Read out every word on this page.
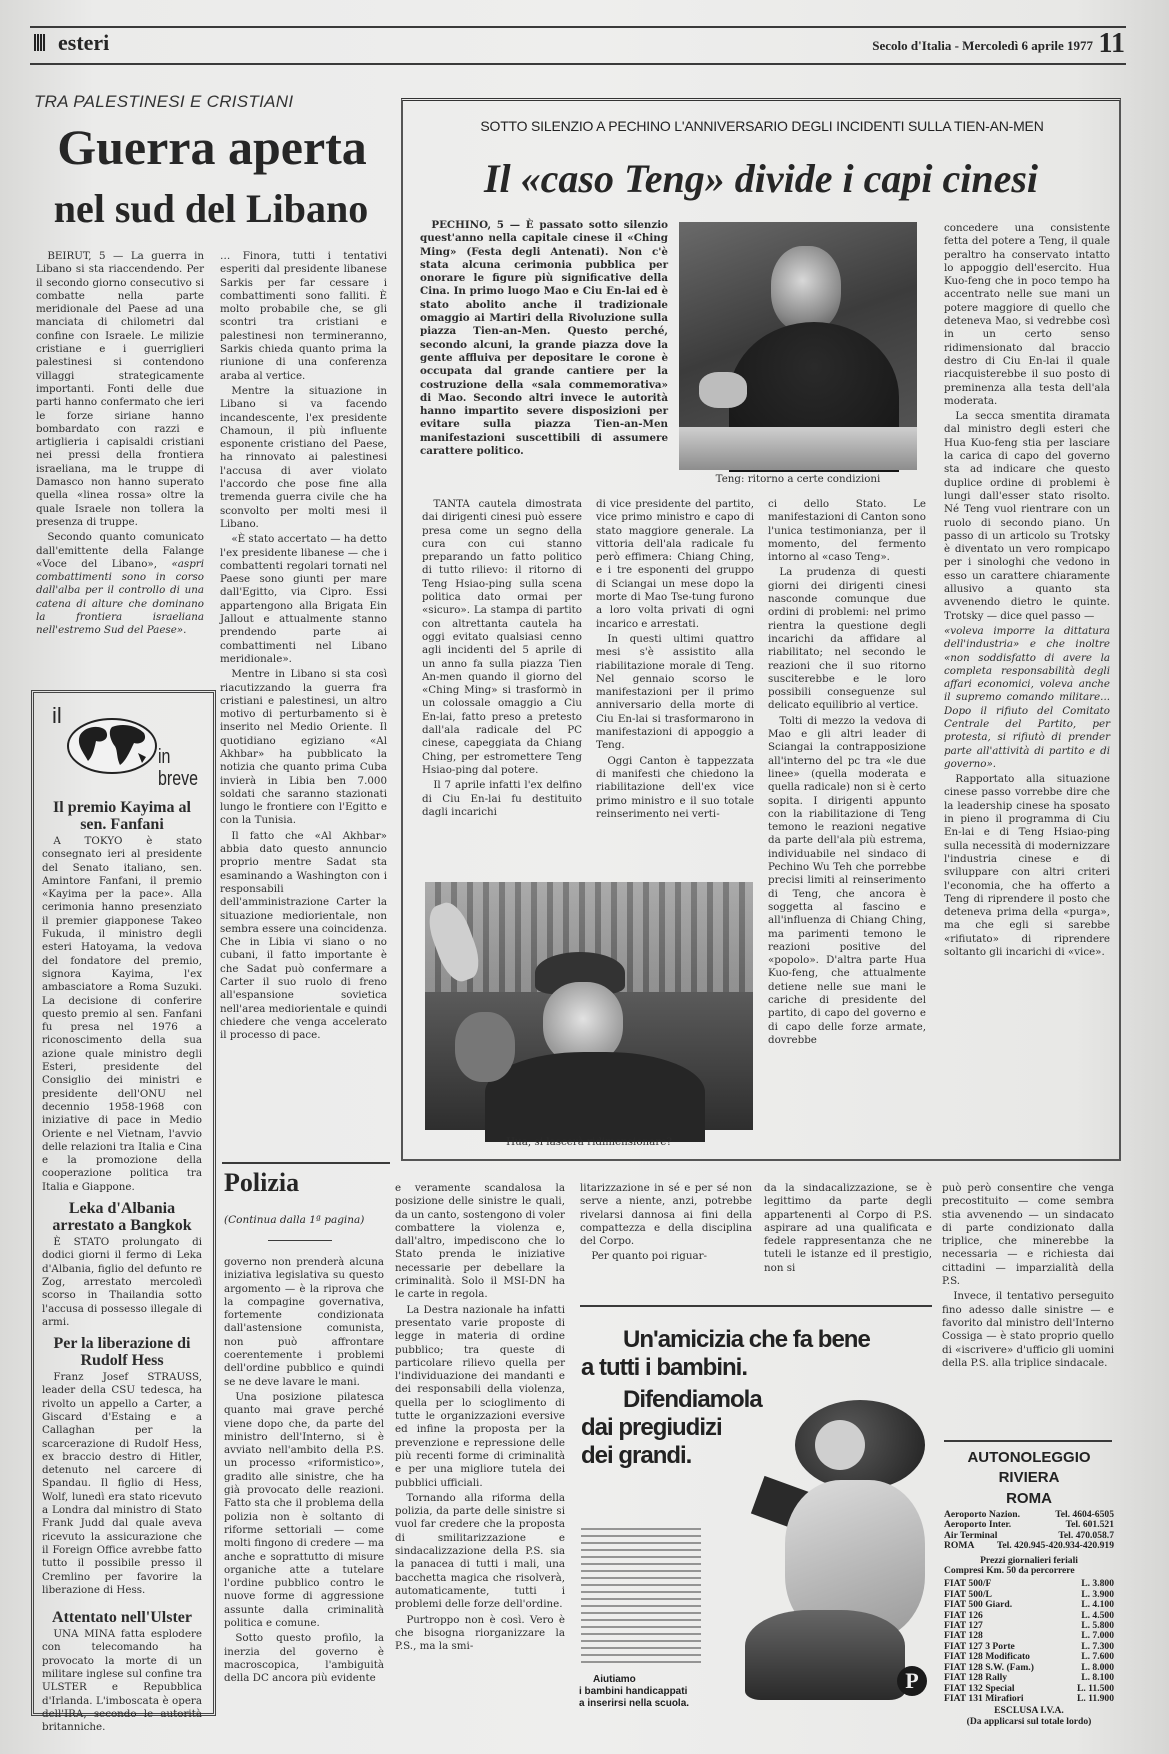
esteri	Secolo d'Italia - Mercoledì 6 aprile 1977 11
TRA PALESTINESI E CRISTIANI
Guerra aperta
nel sud del Libano

BEIRUT, 5 — La guerra in Libano si sta riaccendendo. Per il secondo giorno consecutivo si combatte nella parte meridionale del Paese ad una manciata di chilometri dal confine con Israele. Le milizie cristiane e i guerriglieri palestinesi si contendono villaggi strategicamente importanti. Fonti delle due parti hanno confermato che ieri le forze siriane hanno bombardato con razzi e artiglieria i capisaldi cristiani nei pressi della frontiera israeliana, ma le truppe di Damasco non hanno superato quella «linea rossa» oltre la quale Israele non tollera la presenza di truppe.

Secondo quanto comunicato dall'emittente della Falange «Voce del Libano», «aspri combattimenti sono in corso dall'alba per il controllo di una catena di alture che dominano la frontiera israeliana nell'estremo Sud del Paese».

… Finora, tutti i tentativi esperiti dal presidente libanese Sarkis per far cessare i combattimenti sono falliti. È molto probabile che, se gli scontri tra cristiani e palestinesi non termineranno, Sarkis chieda quanto prima la riunione di una conferenza araba al vertice.

Mentre la situazione in Libano si va facendo incandescente, l'ex presidente Chamoun, il più influente esponente cristiano del Paese, ha rinnovato ai palestinesi l'accusa di aver violato l'accordo che pose fine alla tremenda guerra civile che ha sconvolto per molti mesi il Libano.

«È stato accertato — ha detto l'ex presidente libanese — che i combattenti regolari tornati nel Paese sono giunti per mare dall'Egitto, via Cipro. Essi appartengono alla Brigata Ein Jallout e attualmente stanno prendendo parte ai combattimenti nel Libano meridionale».

Mentre in Libano si sta così riacutizzando la guerra fra cristiani e palestinesi, un altro motivo di perturbamento si è inserito nel Medio Oriente. Il quotidiano egiziano «Al Akhbar» ha pubblicato la notizia che quanto prima Cuba invierà in Libia ben 7.000 soldati che saranno stazionati lungo le frontiere con l'Egitto e con la Tunisia.

Il fatto che «Al Akhbar» abbia dato questo annuncio proprio mentre Sadat sta esaminando a Washington con i responsabili dell'amministrazione Carter la situazione mediorientale, non sembra essere una coincidenza. Che in Libia vi siano o no cubani, il fatto importante è che Sadat può confermare a Carter il suo ruolo di freno all'espansione sovietica nell'area mediorientale e quindi chiedere che venga accelerato il processo di pace.

il
in
breve
Il premio Kayima al sen. Fanfani

A TOKYO è stato consegnato ieri al presidente del Senato italiano, sen. Amintore Fanfani, il premio «Kayima per la pace». Alla cerimonia hanno presenziato il premier giapponese Takeo Fukuda, il ministro degli esteri Hatoyama, la vedova del fondatore del premio, signora Kayima, l'ex ambasciatore a Roma Suzuki. La decisione di conferire questo premio al sen. Fanfani fu presa nel 1976 a riconoscimento della sua azione quale ministro degli Esteri, presidente del Consiglio dei ministri e presidente dell'ONU nel decennio 1958-1968 con iniziative di pace in Medio Oriente e nel Vietnam, l'avvio delle relazioni tra Italia e Cina e la promozione della cooperazione politica tra Italia e Giappone.

Leka d'Albania arrestato a Bangkok

È STATO prolungato di dodici giorni il fermo di Leka d'Albania, figlio del defunto re Zog, arrestato mercoledì scorso in Thailandia sotto l'accusa di possesso illegale di armi.

Per la liberazione di Rudolf Hess

Franz Josef STRAUSS, leader della CSU tedesca, ha rivolto un appello a Carter, a Giscard d'Estaing e a Callaghan per la scarcerazione di Rudolf Hess, ex braccio destro di Hitler, detenuto nel carcere di Spandau. Il figlio di Hess, Wolf, lunedì era stato ricevuto a Londra dal ministro di Stato Frank Judd dal quale aveva ricevuto la assicurazione che il Foreign Office avrebbe fatto tutto il possibile presso il Cremlino per favorire la liberazione di Hess.

Attentato nell'Ulster

UNA MINA fatta esplodere con telecomando ha provocato la morte di un militare inglese sul confine tra ULSTER e Repubblica d'Irlanda. L'imboscata è opera dell'IRA, secondo le autorità britanniche.

SOTTO SILENZIO A PECHINO L'ANNIVERSARIO DEGLI INCIDENTI SULLA TIEN-AN-MEN
Il «caso Teng» divide i capi cinesi

PECHINO, 5 — È passato sotto silenzio quest'anno nella capitale cinese il «Ching Ming» (Festa degli Antenati). Non c'è stata alcuna cerimonia pubblica per onorare le figure più significative della Cina. In primo luogo Mao e Ciu En-lai ed è stato abolito anche il tradizionale omaggio ai Martiri della Rivoluzione sulla piazza Tien-an-Men. Questo perché, secondo alcuni, la grande piazza dove la gente affluiva per depositare le corone è occupata dal grande cantiere per la costruzione della «sala commemorativa» di Mao. Secondo altri invece le autorità hanno impartito severe disposizioni per evitare sulla piazza Tien-an-Men manifestazioni suscettibili di assumere carattere politico.

Teng: ritorno a certe condizioni

TANTA cautela dimostrata dai dirigenti cinesi può essere presa come un segno della cura con cui stanno preparando un fatto politico di tutto rilievo: il ritorno di Teng Hsiao-ping sulla scena politica dato ormai per «sicuro». La stampa di partito con altrettanta cautela ha oggi evitato qualsiasi cenno agli incidenti del 5 aprile di un anno fa sulla piazza Tien An-men quando il giorno del «Ching Ming» si trasformò in un colossale omaggio a Ciu En-lai, fatto preso a pretesto dall'ala radicale del PC cinese, capeggiata da Chiang Ching, per estromettere Teng Hsiao-ping dal potere.

Il 7 aprile infatti l'ex delfino di Ciu En-lai fu destituito dagli incarichi

di vice presidente del partito, vice primo ministro e capo di stato maggiore generale. La vittoria dell'ala radicale fu però effimera: Chiang Ching, e i tre esponenti del gruppo di Sciangai un mese dopo la morte di Mao Tse-tung furono a loro volta privati di ogni incarico e arrestati.

In questi ultimi quattro mesi s'è assistito alla riabilitazione morale di Teng. Nel gennaio scorso le manifestazioni per il primo anniversario della morte di Ciu En-lai si trasformarono in manifestazioni di appoggio a Teng.

Oggi Canton è tappezzata di manifesti che chiedono la riabilitazione dell'ex vice primo ministro e il suo totale reinserimento nei verti-

ci dello Stato. Le manifestazioni di Canton sono l'unica testimonianza, per il momento, del fermento intorno al «caso Teng».

La prudenza di questi giorni dei dirigenti cinesi nasconde comunque due ordini di problemi: nel primo rientra la questione degli incarichi da affidare al riabilitato; nel secondo le reazioni che il suo ritorno susciterebbe e le loro possibili conseguenze sul delicato equilibrio al vertice.

Tolti di mezzo la vedova di Mao e gli altri leader di Sciangai la contrapposizione all'interno del pc tra «le due linee» (quella moderata e quella radicale) non si è certo sopita. I dirigenti appunto con la riabilitazione di Teng temono le reazioni negative da parte dell'ala più estrema, individuabile nel sindaco di Pechino Wu Teh che porrebbe precisi limiti al reinserimento di Teng, che ancora è soggetta al fascino e all'influenza di Chiang Ching, ma parimenti temono le reazioni positive del «popolo». D'altra parte Hua Kuo-feng, che attualmente detiene nelle sue mani le cariche di presidente del partito, di capo del governo e di capo delle forze armate, dovrebbe

concedere una consistente fetta del potere a Teng, il quale peraltro ha conservato intatto lo appoggio dell'esercito. Hua Kuo-feng che in poco tempo ha accentrato nelle sue mani un potere maggiore di quello che deteneva Mao, si vedrebbe così in un certo senso ridimensionato dal braccio destro di Ciu En-lai il quale riacquisterebbe il suo posto di preminenza alla testa dell'ala moderata.

La secca smentita diramata dal ministro degli esteri che Hua Kuo-feng stia per lasciare la carica di capo del governo sta ad indicare che questo duplice ordine di problemi è lungi dall'esser stato risolto. Né Teng vuol rientrare con un ruolo di secondo piano. Un passo di un articolo su Trotsky è diventato un vero rompicapo per i sinologhi che vedono in esso un carattere chiaramente allusivo a quanto sta avvenendo dietro le quinte. Trotsky — dice quel passo —

«voleva imporre la dittatura dell'industria» e che inoltre «non soddisfatto di avere la completa responsabilità degli affari economici, voleva anche il supremo comando militare... Dopo il rifiuto del Comitato Centrale del Partito, per protesta, si rifiutò di prender parte all'attività di partito e di governo».

Rapportato alla situazione cinese passo vorrebbe dire che la leadership cinese ha sposato in pieno il programma di Ciu En-lai e di Teng Hsiao-ping sulla necessità di modernizzare l'industria cinese e di sviluppare con altri criteri l'economia, che ha offerto a Teng di riprendere il posto che deteneva prima della «purga», ma che egli si sarebbe «rifiutato» di riprendere soltanto gli incarichi di «vice».

Hua, si lascerà ridimensionare?
Polizia
(Continua dalla 1ª pagina)

governo non prenderà alcuna iniziativa legislativa su questo argomento — è la riprova che la compagine governativa, fortemente condizionata dall'astensione comunista, non può affrontare coerentemente i problemi dell'ordine pubblico e quindi se ne deve lavare le mani.

Una posizione pilatesca quanto mai grave perché viene dopo che, da parte del ministro dell'Interno, si è avviato nell'ambito della P.S. un processo «riformistico», gradito alle sinistre, che ha già provocato delle reazioni. Fatto sta che il problema della polizia non è soltanto di riforme settoriali — come molti fingono di credere — ma anche e soprattutto di misure organiche atte a tutelare l'ordine pubblico contro le nuove forme di aggressione assunte dalla criminalità politica e comune.

Sotto questo profilo, la inerzia del governo è macroscopica, l'ambiguità della DC ancora più evidente

e veramente scandalosa la posizione delle sinistre le quali, da un canto, sostengono di voler combattere la violenza e, dall'altro, impediscono che lo Stato prenda le iniziative necessarie per debellare la criminalità. Solo il MSI-DN ha le carte in regola.

La Destra nazionale ha infatti presentato varie proposte di legge in materia di ordine pubblico; tra queste di particolare rilievo quella per l'individuazione dei mandanti e dei responsabili della violenza, quella per lo scioglimento di tutte le organizzazioni eversive ed infine la proposta per la prevenzione e repressione delle più recenti forme di criminalità e per una migliore tutela dei pubblici ufficiali.

Tornando alla riforma della polizia, da parte delle sinistre si vuol far credere che la proposta di smilitarizzazione e sindacalizzazione della P.S. sia la panacea di tutti i mali, una bacchetta magica che risolverà, automaticamente, tutti i problemi delle forze dell'ordine.

Purtroppo non è così. Vero è che bisogna riorganizzare la P.S., ma la smi-

litarizzazione in sé e per sé non serve a niente, anzi, potrebbe rivelarsi dannosa ai fini della compattezza e della disciplina del Corpo.

Per quanto poi riguar-

da la sindacalizzazione, se è legittimo da parte degli appartenenti al Corpo di P.S. aspirare ad una qualificata e fedele rappresentanza che ne tuteli le istanze ed il prestigio, non si

può però consentire che venga precostituito — come sembra stia avvenendo — un sindacato di parte condizionato dalla triplice, che minerebbe la necessaria — e richiesta dai cittadini — imparzialità della P.S.

Invece, il tentativo perseguito fino adesso dalle sinistre — e favorito dal ministro dell'Interno Cossiga — è stato proprio quello di «iscrivere» d'ufficio gli uomini della P.S. alla triplice sindacale.

Un'amicizia che fa bene
a tutti i bambini.
Difendiamola
dai pregiudizi
dei grandi.
Aiutiamo
i bambini handicappati
a inserirsi nella scuola.
P
AUTONOLEGGIO
RIVIERA
ROMA
Aeroporto Nazion.	Tel. 4604-6505
Aeroporto Inter.	Tel. 601.521
Air Terminal	Tel. 470.058.7
ROMA Tel. 420.945-420.934-420.919
Prezzi giornalieri feriali
Compresi Km. 50 da percorrere
FIAT 500/F	L. 3.800
FIAT 500/L	L. 3.900
FIAT 500 Giard.	L. 4.100
FIAT 126	L. 4.500
FIAT 127	L. 5.800
FIAT 128	L. 7.000
FIAT 127 3 Porte	L. 7.300
FIAT 128 Modificato	L. 7.600
FIAT 128 S.W. (Fam.)	L. 8.000
FIAT 128 Rally	L. 8.100
FIAT 132 Special	L. 11.500
FIAT 131 Mirafiori	L. 11.900
ESCLUSA I.V.A.
(Da applicarsi sul totale lordo)
